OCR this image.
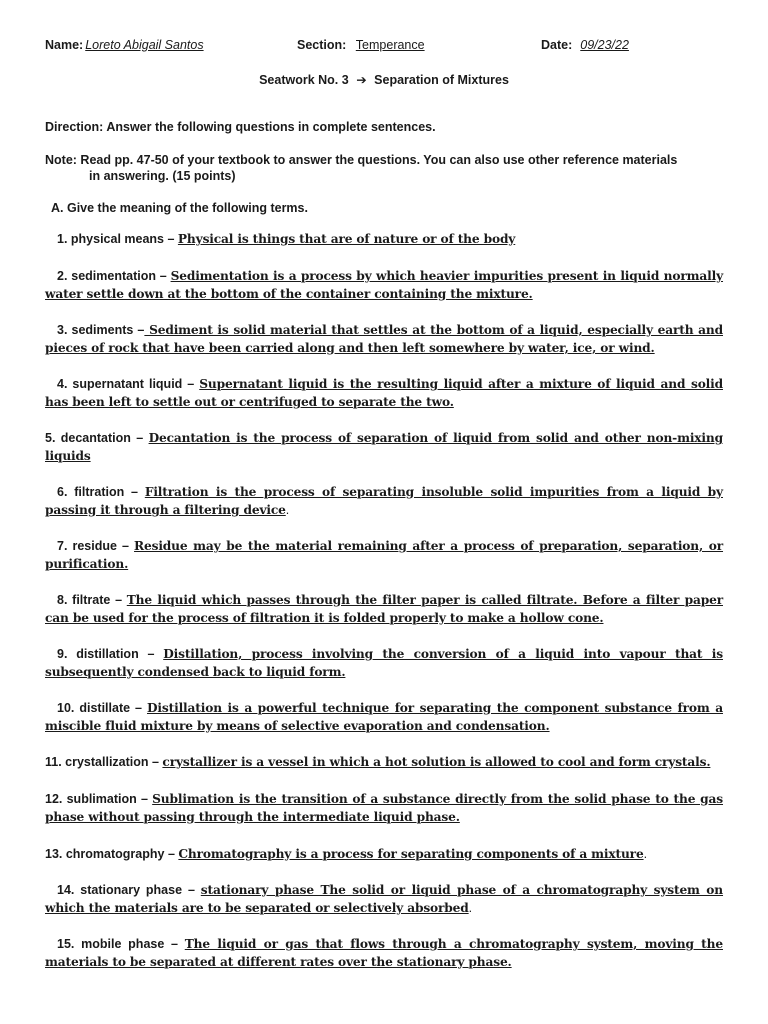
Name:Loreto Abigail Santos	Section: Temperance	Date: 09/23/22
Seatwork No. 3 ➔ Separation of Mixtures
Direction: Answer the following questions in complete sentences.
Note: Read pp. 47-50 of your textbook to answer the questions. You can also use other reference materials
in answering. (15 points)
A. Give the meaning of the following terms.
1. physical means – Physical is things that are of nature or of the body
2. sedimentation – Sedimentation is a process by which heavier impurities present in liquid normally water settle down at the bottom of the container containing the mixture.
3. sediments – Sediment is solid material that settles at the bottom of a liquid, especially earth and pieces of rock that have been carried along and then left somewhere by water, ice, or wind.
4. supernatant liquid – Supernatant liquid is the resulting liquid after a mixture of liquid and solid has been left to settle out or centrifuged to separate the two.
5. decantation – Decantation is the process of separation of liquid from solid and other non-mixing liquids
6. filtration – Filtration is the process of separating insoluble solid impurities from a liquid by passing it through a filtering device.
7. residue – Residue may be the material remaining after a process of preparation, separation, or purification.
8. filtrate – The liquid which passes through the filter paper is called filtrate. Before a filter paper can be used for the process of filtration it is folded properly to make a hollow cone.
9. distillation – Distillation, process involving the conversion of a liquid into vapour that is subsequently condensed back to liquid form.
10. distillate – Distillation is a powerful technique for separating the component substance from a miscible fluid mixture by means of selective evaporation and condensation.
11. crystallization – crystallizer is a vessel in which a hot solution is allowed to cool and form crystals.
12. sublimation – Sublimation is the transition of a substance directly from the solid phase to the gas phase without passing through the intermediate liquid phase.
13. chromatography – Chromatography is a process for separating components of a mixture.
14. stationary phase – stationary phase The solid or liquid phase of a chromatography system on which the materials are to be separated or selectively absorbed.
15. mobile phase – The liquid or gas that flows through a chromatography system, moving the materials to be separated at different rates over the stationary phase.
